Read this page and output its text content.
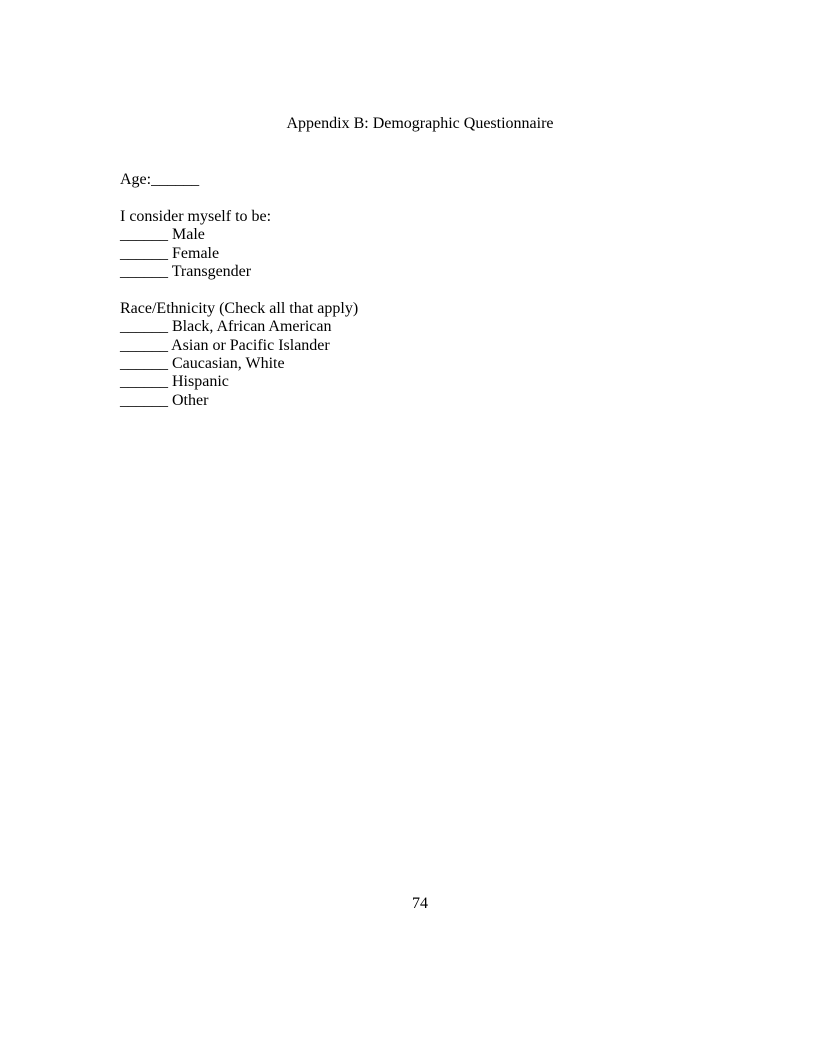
Appendix B: Demographic Questionnaire
Age:______
I consider myself to be:
______ Male
______ Female
______ Transgender
Race/Ethnicity (Check all that apply)
______ Black, African American
______ Asian or Pacific Islander
______ Caucasian, White
______ Hispanic
______ Other
74
